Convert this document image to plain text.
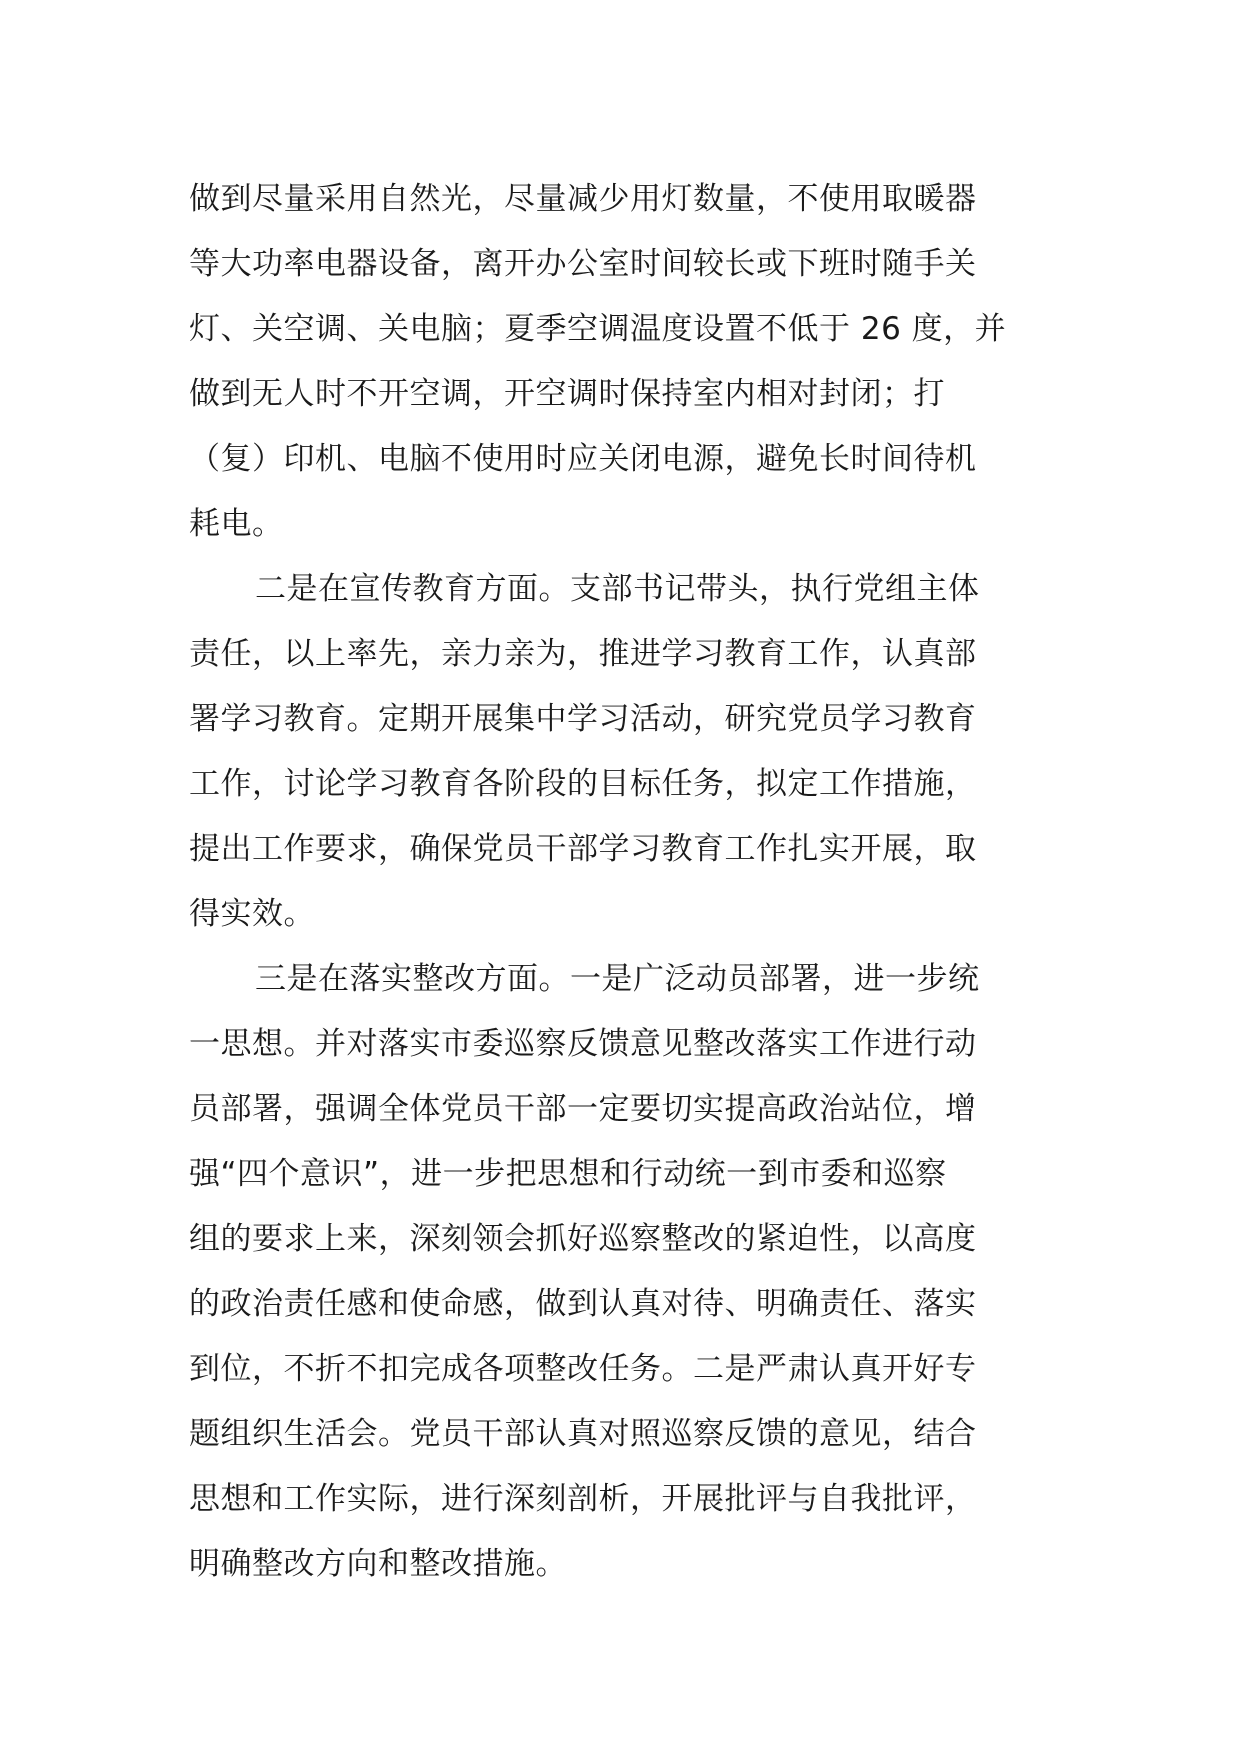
做到尽量采用自然光，尽量减少用灯数量，不使用取暖器
等大功率电器设备，离开办公室时间较长或下班时随手关
灯、关空调、关电脑；夏季空调温度设置不低于 26 度，并
做到无人时不开空调，开空调时保持室内相对封闭；打
（复）印机、电脑不使用时应关闭电源，避免长时间待机
耗电。
二是在宣传教育方面。支部书记带头，执行党组主体
责任，以上率先，亲力亲为，推进学习教育工作，认真部
署学习教育。定期开展集中学习活动，研究党员学习教育
工作，讨论学习教育各阶段的目标任务，拟定工作措施，
提出工作要求，确保党员干部学习教育工作扎实开展，取
得实效。
三是在落实整改方面。一是广泛动员部署，进一步统
一思想。并对落实市委巡察反馈意见整改落实工作进行动
员部署，强调全体党员干部一定要切实提高政治站位，增
强“四个意识”，进一步把思想和行动统一到市委和巡察
组的要求上来，深刻领会抓好巡察整改的紧迫性，以高度
的政治责任感和使命感，做到认真对待、明确责任、落实
到位，不折不扣完成各项整改任务。二是严肃认真开好专
题组织生活会。党员干部认真对照巡察反馈的意见，结合
思想和工作实际，进行深刻剖析，开展批评与自我批评，
明确整改方向和整改措施。
